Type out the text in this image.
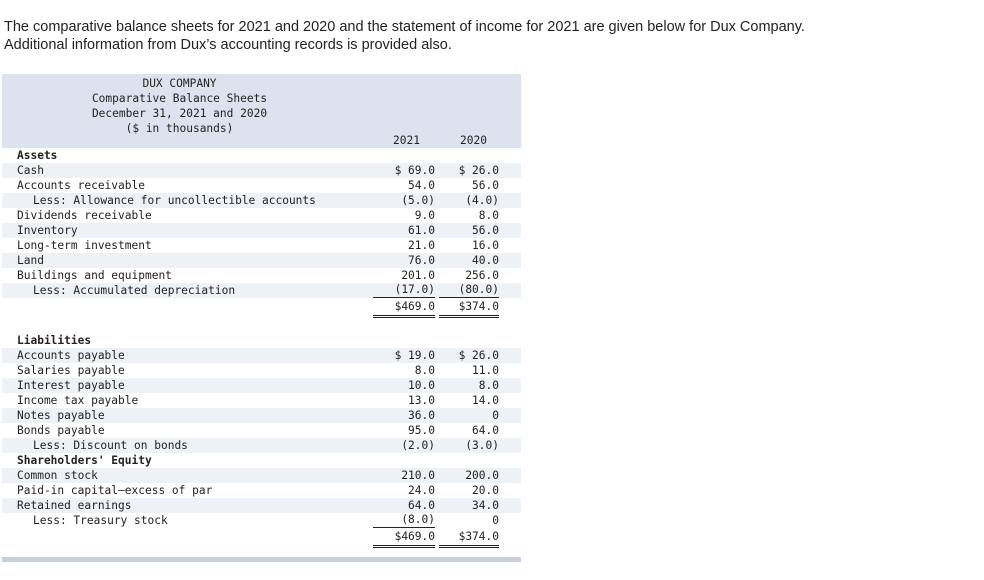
The comparative balance sheets for 2021 and 2020 and the statement of income for 2021 are given below for Dux Company.

Additional information from Dux’s accounting records is provided also.

DUX COMPANY
Comparative Balance Sheets
December 31, 2021 and 2020
($ in thousands)
2021	2020
Assets
Cash	$ 69.0	$ 26.0
Accounts receivable	54.0	56.0
Less: Allowance for uncollectible accounts	(5.0)	(4.0)
Dividends receivable	9.0	8.0
Inventory	61.0	56.0
Long-term investment	21.0	16.0
Land	76.0	40.0
Buildings and equipment	201.0	256.0
Less: Accumulated depreciation	(17.0)	(80.0)
$469.0	$374.0
Liabilities
Accounts payable	$ 19.0	$ 26.0
Salaries payable	8.0	11.0
Interest payable	10.0	8.0
Income tax payable	13.0	14.0
Notes payable	36.0	0
Bonds payable	95.0	64.0
Less: Discount on bonds	(2.0)	(3.0)
Shareholders' Equity
Common stock	210.0	200.0
Paid-in capital—excess of par	24.0	20.0
Retained earnings	64.0	34.0
Less: Treasury stock	(8.0)	0
$469.0	$374.0
